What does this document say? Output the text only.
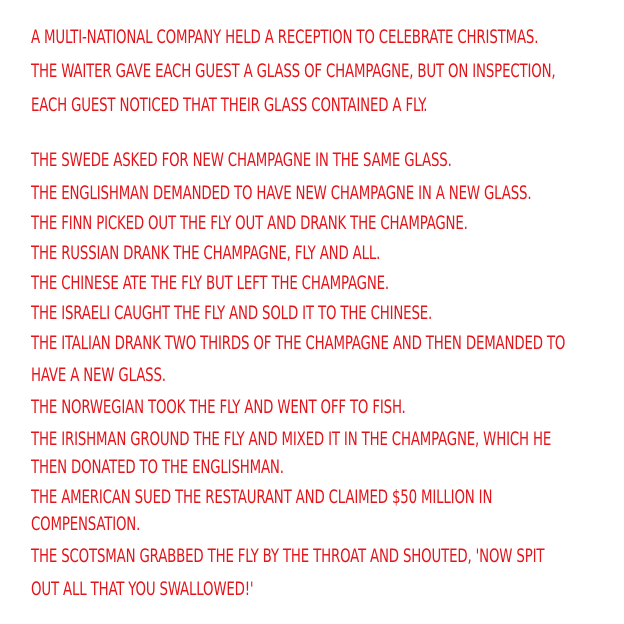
A MULTI-NATIONAL COMPANY HELD A RECEPTION TO CELEBRATE CHRISTMAS.

THE WAITER GAVE EACH GUEST A GLASS OF CHAMPAGNE, BUT ON INSPECTION,

EACH GUEST NOTICED THAT THEIR GLASS CONTAINED A FLY.

THE SWEDE ASKED FOR NEW CHAMPAGNE IN THE SAME GLASS.

THE ENGLISHMAN DEMANDED TO HAVE NEW CHAMPAGNE IN A NEW GLASS.

THE FINN PICKED OUT THE FLY OUT AND DRANK THE CHAMPAGNE.

THE RUSSIAN DRANK THE CHAMPAGNE, FLY AND ALL.

THE CHINESE ATE THE FLY BUT LEFT THE CHAMPAGNE.

THE ISRAELI CAUGHT THE FLY AND SOLD IT TO THE CHINESE.

THE ITALIAN DRANK TWO THIRDS OF THE CHAMPAGNE AND THEN DEMANDED TO

HAVE A NEW GLASS.

THE NORWEGIAN TOOK THE FLY AND WENT OFF TO FISH.

THE IRISHMAN GROUND THE FLY AND MIXED IT IN THE CHAMPAGNE, WHICH HE

THEN DONATED TO THE ENGLISHMAN.

THE AMERICAN SUED THE RESTAURANT AND CLAIMED $50 MILLION IN

COMPENSATION.

THE SCOTSMAN GRABBED THE FLY BY THE THROAT AND SHOUTED, 'NOW SPIT

OUT ALL THAT YOU SWALLOWED!'
